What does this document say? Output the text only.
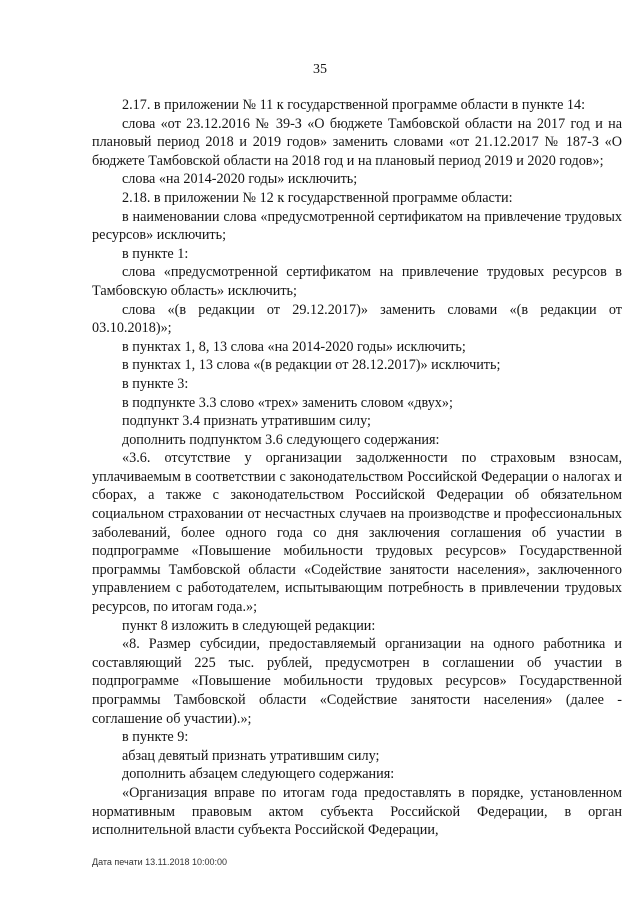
35

2.17. в приложении № 11 к государственной программе области в пункте 14:

слова «от 23.12.2016 № 39-З «О бюджете Тамбовской области на 2017 год и на плановый период 2018 и 2019 годов» заменить словами «от 21.12.2017 № 187-З «О бюджете Тамбовской области на 2018 год и на плановый период 2019 и 2020 годов»;

слова «на 2014-2020 годы» исключить;

2.18. в приложении № 12 к государственной программе области:

в наименовании слова «предусмотренной сертификатом на привлечение трудовых ресурсов» исключить;

в пункте 1:

слова «предусмотренной сертификатом на привлечение трудовых ресурсов в Тамбовскую область» исключить;

слова «(в редакции от 29.12.2017)» заменить словами «(в редакции от 03.10.2018)»;

в пунктах 1, 8, 13 слова «на 2014-2020 годы» исключить;

в пунктах 1, 13 слова «(в редакции от 28.12.2017)» исключить;

в пункте 3:

в подпункте 3.3 слово «трех» заменить словом «двух»;

подпункт 3.4 признать утратившим силу;

дополнить подпунктом 3.6 следующего содержания:

«3.6. отсутствие у организации задолженности по страховым взносам, уплачиваемым в соответствии с законодательством Российской Федерации о налогах и сборах, а также с законодательством Российской Федерации об обязательном социальном страховании от несчастных случаев на производстве и профессиональных заболеваний, более одного года со дня заключения соглашения об участии в подпрограмме «Повышение мобильности трудовых ресурсов» Государственной программы Тамбовской области «Содействие занятости населения», заключенного управлением с работодателем, испытывающим потребность в привлечении трудовых ресурсов, по итогам года.»;

пункт 8 изложить в следующей редакции:

«8. Размер субсидии, предоставляемый организации на одного работника и составляющий 225 тыс. рублей, предусмотрен в соглашении об участии в подпрограмме «Повышение мобильности трудовых ресурсов» Государственной программы Тамбовской области «Содействие занятости населения» (далее - соглашение об участии).»;

в пункте 9:

абзац девятый признать утратившим силу;

дополнить абзацем следующего содержания:

«Организация вправе по итогам года предоставлять в порядке, установленном нормативным правовым актом субъекта Российской Федерации, в орган исполнительной власти субъекта Российской Федерации,

Дата печати 13.11.2018 10:00:00
